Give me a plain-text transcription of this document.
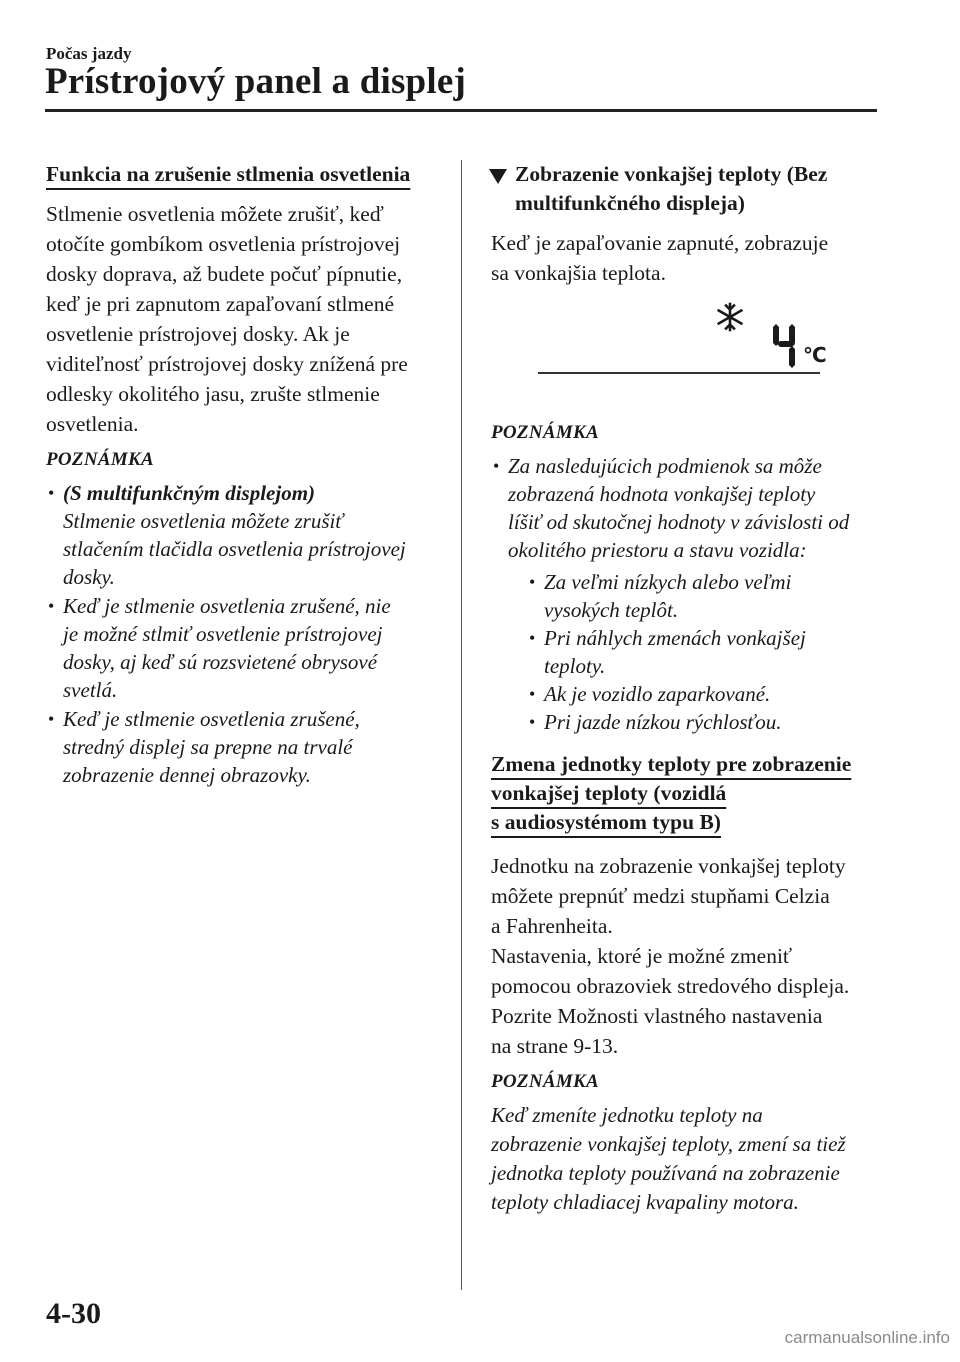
Počas jazdy
Prístrojový panel a displej
Funkcia na zrušenie stlmenia osvetlenia
Stlmenie osvetlenia môžete zrušiť, keď
otočíte gombíkom osvetlenia prístrojovej
dosky doprava, až budete počuť pípnutie,
keď je pri zapnutom zapaľovaní stlmené
osvetlenie prístrojovej dosky. Ak je
viditeľnosť prístrojovej dosky znížená pre
odlesky okolitého jasu, zrušte stlmenie
osvetlenia.
POZNÁMKA
• (S multifunkčným displejom)
Stlmenie osvetlenia môžete zrušiť
stlačením tlačidla osvetlenia prístrojovej
dosky.
• Keď je stlmenie osvetlenia zrušené, nie
je možné stlmiť osvetlenie prístrojovej
dosky, aj keď sú rozsvietené obrysové
svetlá.
• Keď je stlmenie osvetlenia zrušené,
stredný displej sa prepne na trvalé
zobrazenie dennej obrazovky.
Zobrazenie vonkajšej teploty (Bez
multifunkčného displeja)
Keď je zapaľovanie zapnuté, zobrazuje
sa vonkajšia teplota.
°C
POZNÁMKA
• Za nasledujúcich podmienok sa môže
zobrazená hodnota vonkajšej teploty
líšiť od skutočnej hodnoty v závislosti od
okolitého priestoru a stavu vozidla:
• Za veľmi nízkych alebo veľmi
vysokých teplôt.
• Pri náhlych zmenách vonkajšej
teploty.
• Ak je vozidlo zaparkované.
• Pri jazde nízkou rýchlosťou.
Zmena jednotky teploty pre zobrazenie
vonkajšej teploty (vozidlá
s audiosystémom typu B)
Jednotku na zobrazenie vonkajšej teploty
môžete prepnúť medzi stupňami Celzia
a Fahrenheita.
Nastavenia, ktoré je možné zmeniť
pomocou obrazoviek stredového displeja.
Pozrite Možnosti vlastného nastavenia
na strane 9-13.
POZNÁMKA
Keď zmeníte jednotku teploty na
zobrazenie vonkajšej teploty, zmení sa tiež
jednotka teploty používaná na zobrazenie
teploty chladiacej kvapaliny motora.
4-30
carmanualsonline.info
